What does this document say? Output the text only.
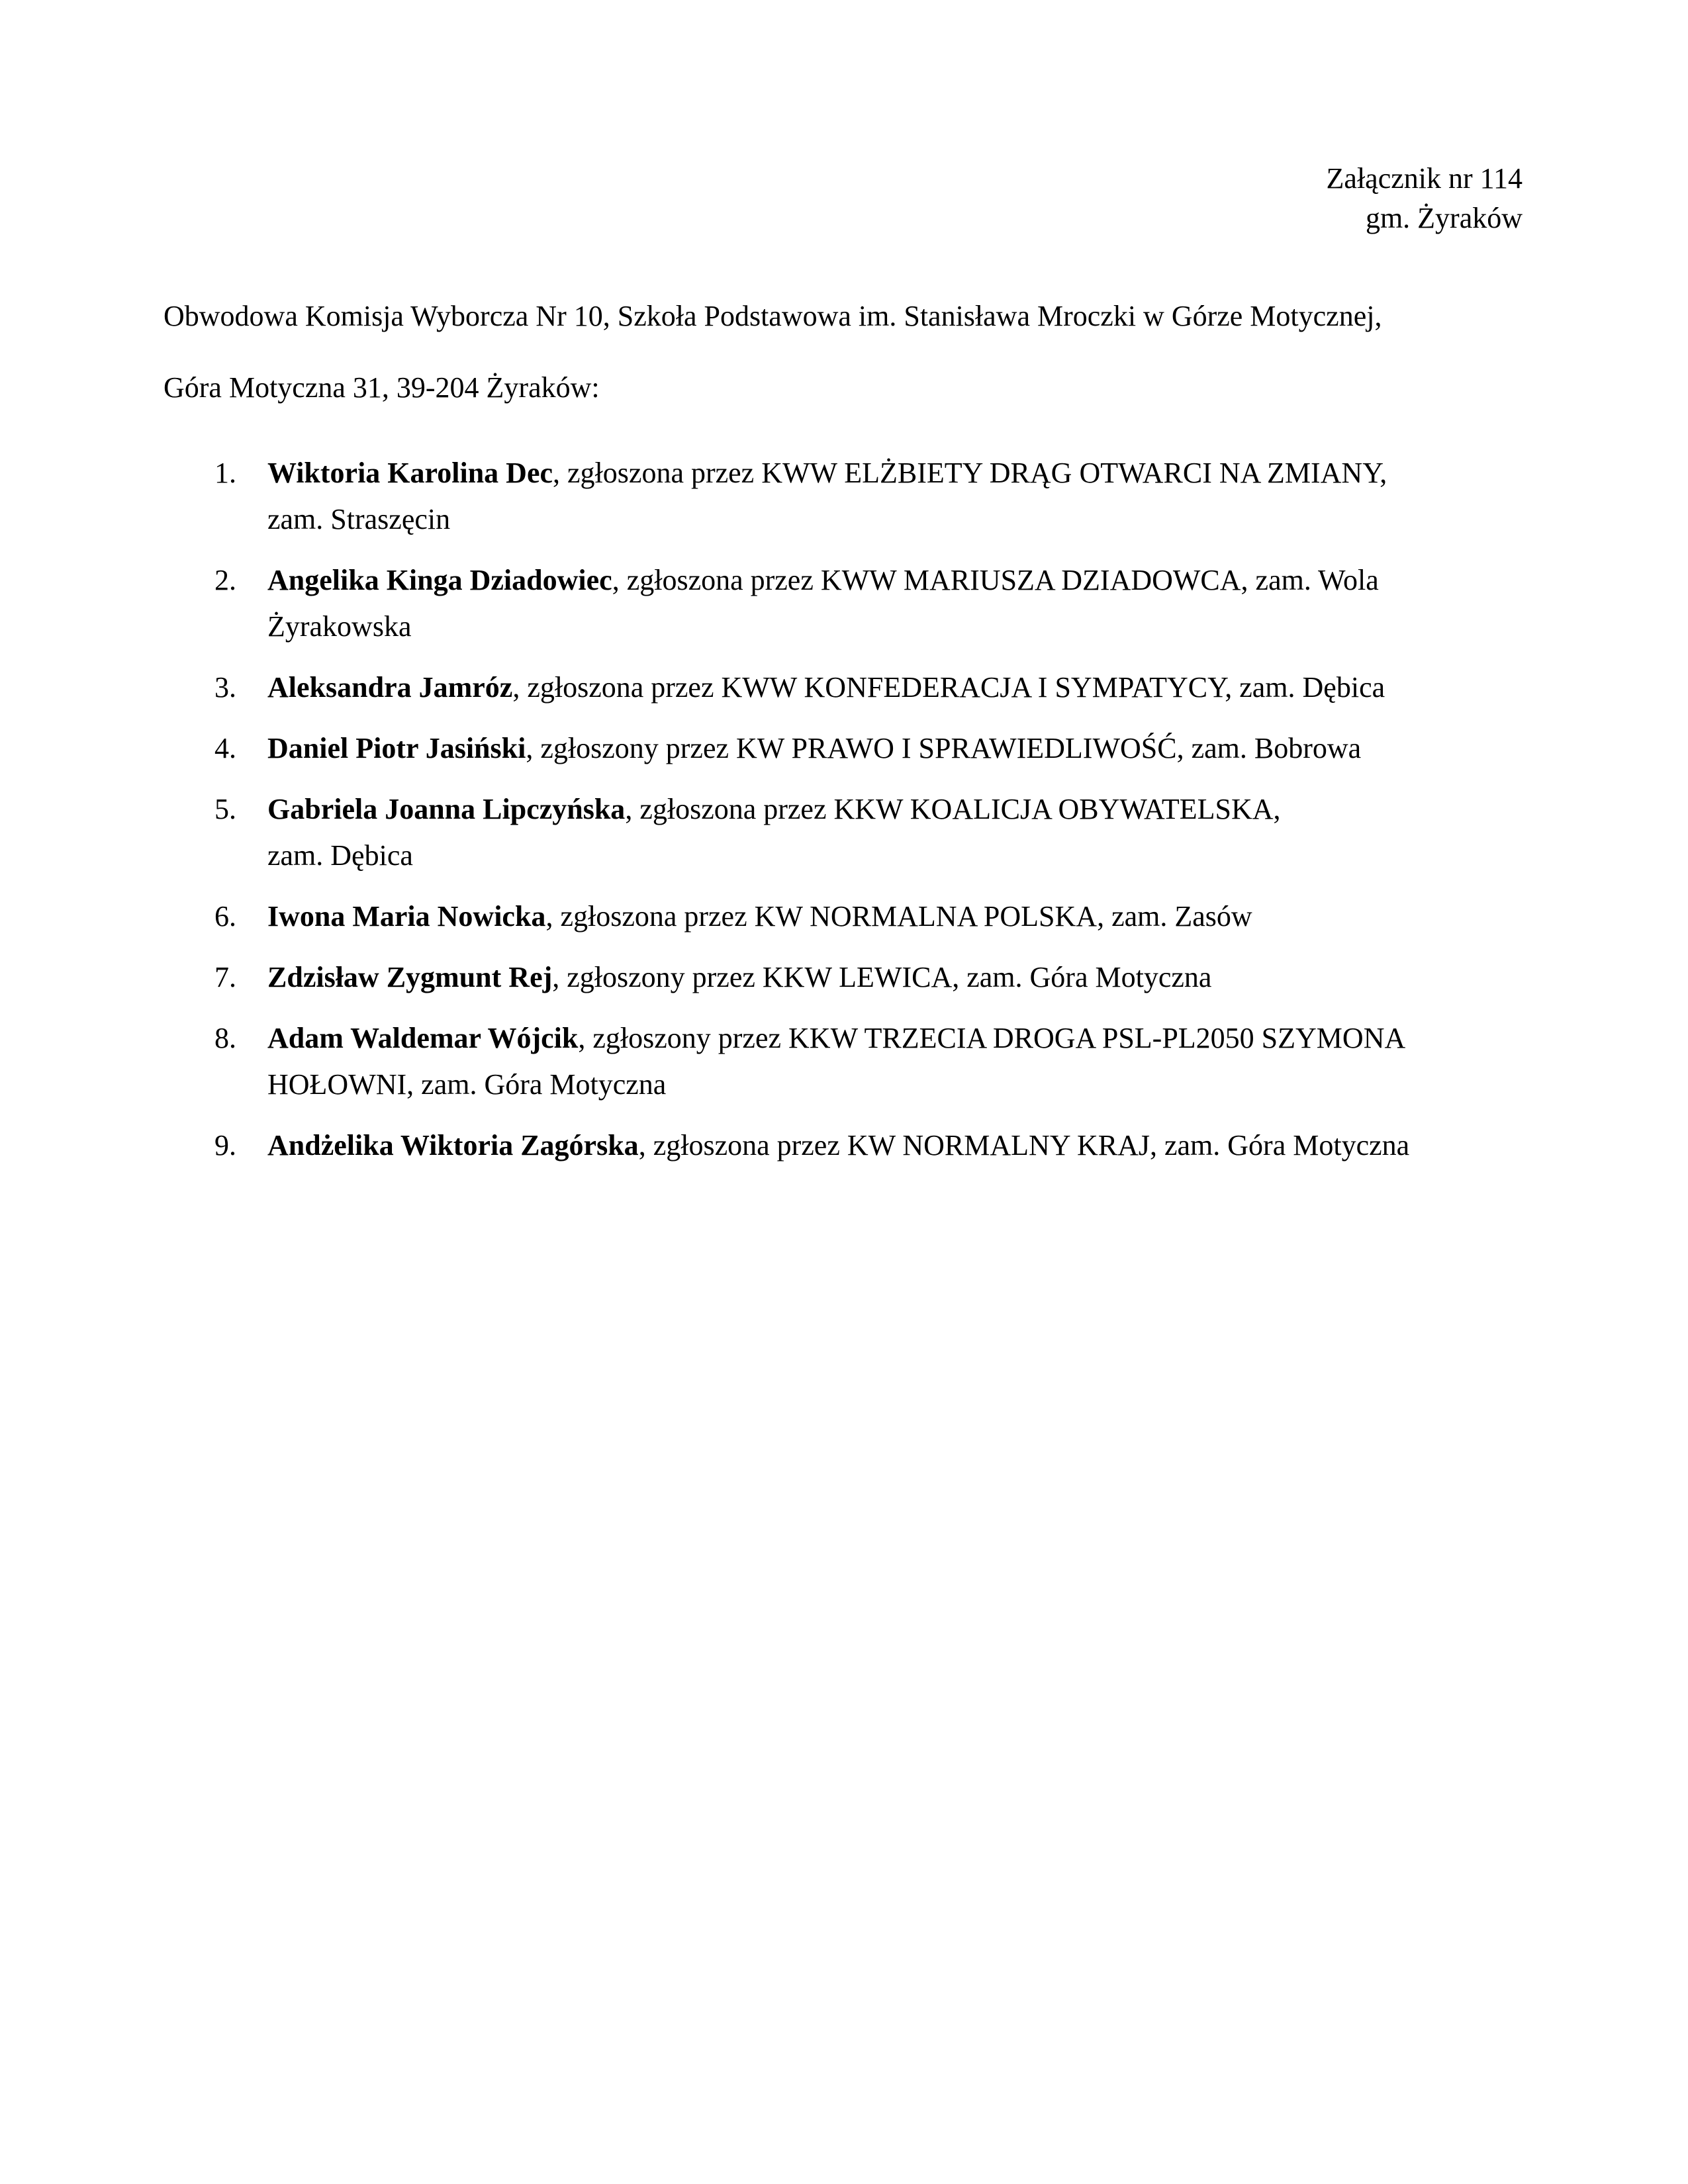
Załącznik nr 114
gm. Żyraków
Obwodowa Komisja Wyborcza Nr 10, Szkoła Podstawowa im. Stanisława Mroczki w Górze Motycznej,
Góra Motyczna 31, 39-204 Żyraków:
1. Wiktoria Karolina Dec, zgłoszona przez KWW ELŻBIETY DRĄG OTWARCI NA ZMIANY,
zam. Straszęcin
2. Angelika Kinga Dziadowiec, zgłoszona przez KWW MARIUSZA DZIADOWCA, zam. Wola
Żyrakowska
3. Aleksandra Jamróz, zgłoszona przez KWW KONFEDERACJA I SYMPATYCY, zam. Dębica
4. Daniel Piotr Jasiński, zgłoszony przez KW PRAWO I SPRAWIEDLIWOŚĆ, zam. Bobrowa
5. Gabriela Joanna Lipczyńska, zgłoszona przez KKW KOALICJA OBYWATELSKA,
zam. Dębica
6. Iwona Maria Nowicka, zgłoszona przez KW NORMALNA POLSKA, zam. Zasów
7. Zdzisław Zygmunt Rej, zgłoszony przez KKW LEWICA, zam. Góra Motyczna
8. Adam Waldemar Wójcik, zgłoszony przez KKW TRZECIA DROGA PSL-PL2050 SZYMONA
HOŁOWNI, zam. Góra Motyczna
9. Andżelika Wiktoria Zagórska, zgłoszona przez KW NORMALNY KRAJ, zam. Góra Motyczna
